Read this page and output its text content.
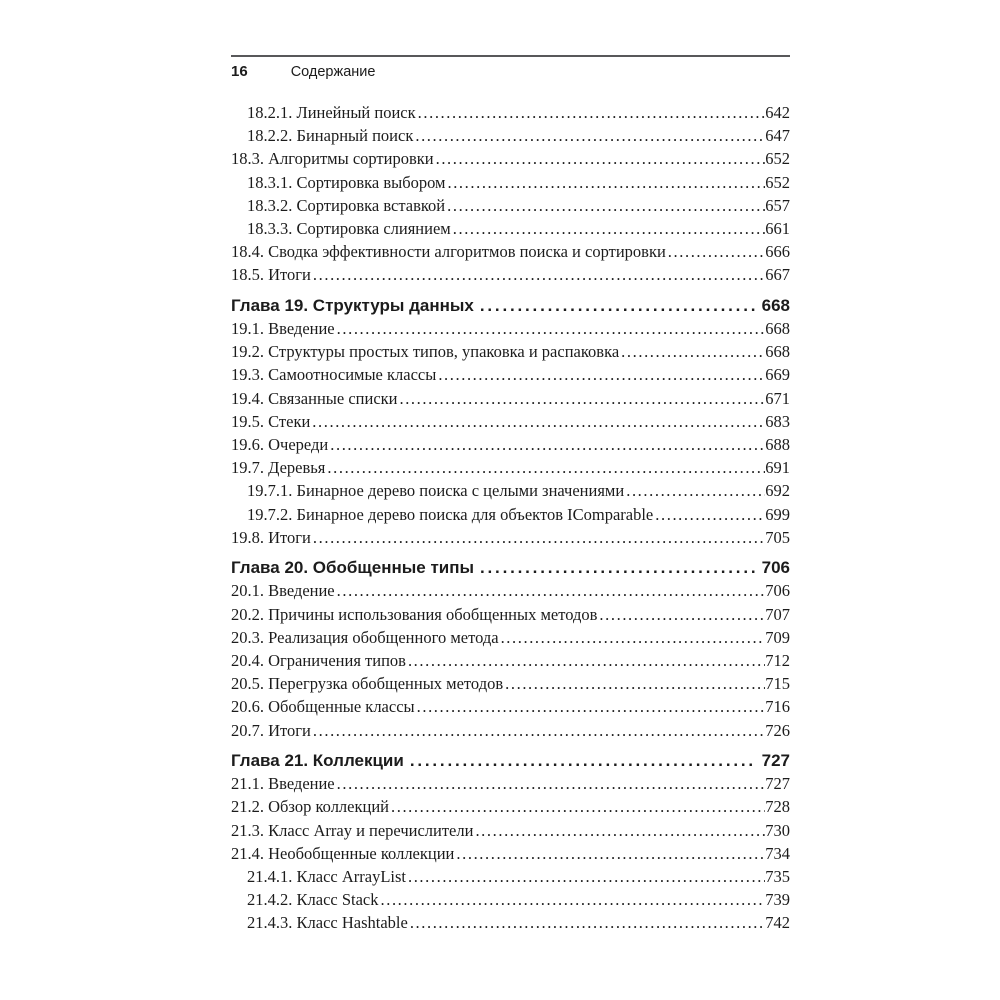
16	Содержание
18.2.1. Линейный поиск .....	642
18.2.2. Бинарный поиск .....	647
18.3. Алгоритмы сортировки .....	652
18.3.1. Сортировка выбором .....	652
18.3.2. Сортировка вставкой .....	657
18.3.3. Сортировка слиянием .....	661
18.4. Сводка эффективности алгоритмов поиска и сортировки .....	666
18.5. Итоги .....	667
Глава 19. Структуры данных .....	668
19.1. Введение .....	668
19.2. Структуры простых типов, упаковка и распаковка .....	668
19.3. Самоотносимые классы .....	669
19.4. Связанные списки .....	671
19.5. Стеки .....	683
19.6. Очереди .....	688
19.7. Деревья .....	691
19.7.1. Бинарное дерево поиска с целыми значениями .....	692
19.7.2. Бинарное дерево поиска для объектов IComparable .....	699
19.8. Итоги .....	705
Глава 20. Обобщенные типы .....	706
20.1. Введение .....	706
20.2. Причины использования обобщенных методов .....	707
20.3. Реализация обобщенного метода .....	709
20.4. Ограничения типов .....	712
20.5. Перегрузка обобщенных методов .....	715
20.6. Обобщенные классы .....	716
20.7. Итоги .....	726
Глава 21. Коллекции .....	727
21.1. Введение .....	727
21.2. Обзор коллекций .....	728
21.3. Класс Array и перечислители .....	730
21.4. Необобщенные коллекции .....	734
21.4.1. Класс ArrayList .....	735
21.4.2. Класс Stack .....	739
21.4.3. Класс Hashtable .....	742
